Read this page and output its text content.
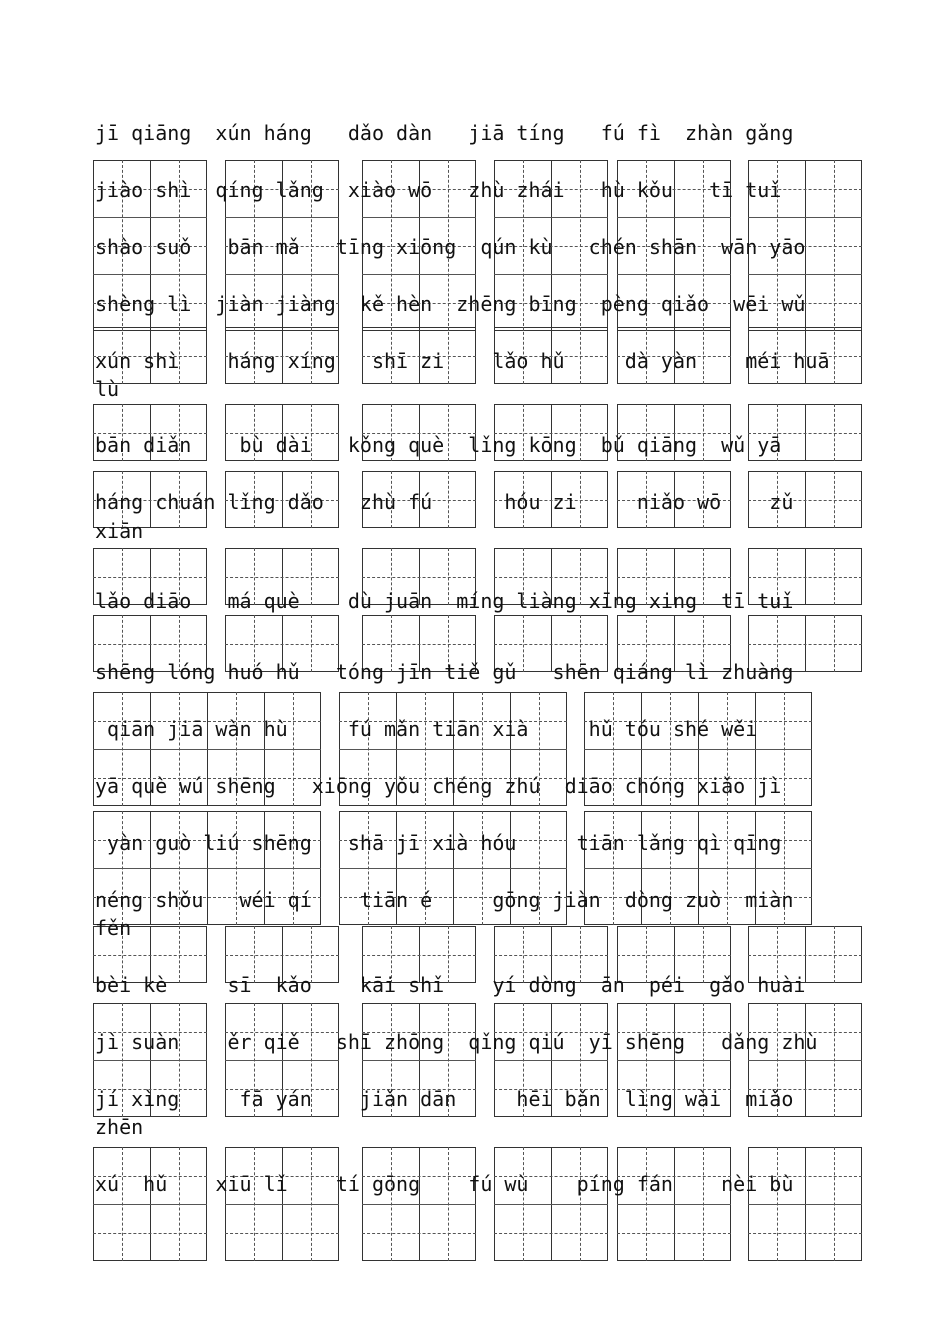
jī qiāng  xún háng   dǎo dàn   jiā tíng   fú fì  zhàn gǎng
jiào shì  qíng lǎng  xiào wō   zhù zhái   hù kǒu   tī tuǐ
shào suǒ   bān mǎ   tīng xiōng  qún kù   chén shān  wān yāo
shèng lì  jiàn jiàng  kě hèn  zhēng bīng  pèng qiǎo  wēi wǔ
xún shì    háng xíng   shī zi    lǎo hǔ     dà yàn    méi huā
lù
bān diǎn    bù dài   kǒng què  lǐng kōng  bǔ qiāng  wǔ yā
háng chuán lǐng dǎo   zhù fú      hóu zi     niǎo wō    zǔ
xiān
lǎo diāo   má què    dù juān  míng liàng xīng xing  tī tuǐ
shēng lóng huó hǔ   tóng jīn tiě gǔ   shēn qiáng lì zhuàng
qiān jiā wàn hù     fú mǎn tiān xià     hǔ tóu shé wěi
yā què wú shēng   xiōng yǒu chéng zhú  diāo chóng xiǎo jì
yàn guò liú shēng   shā jī xià hóu     tiān lǎng qì qīng
néng shǒu   wéi qí    tiān é     gōng jiàn  dòng zuò  miàn
fěn
bèi kè     sī  kǎo    kāi shǐ    yí dòng  ān  péi  gǎo huài
jì suàn    ěr qiě   shī zhōng  qǐng qiú  yī shēng   dǎng zhù
jí xìng     fā yán    jiǎn dān     hēi bǎn  lìng wài  miǎo
zhēn
xú  hǔ    xiū lǐ    tí gōng    fú wù    píng fán    nèi bù
